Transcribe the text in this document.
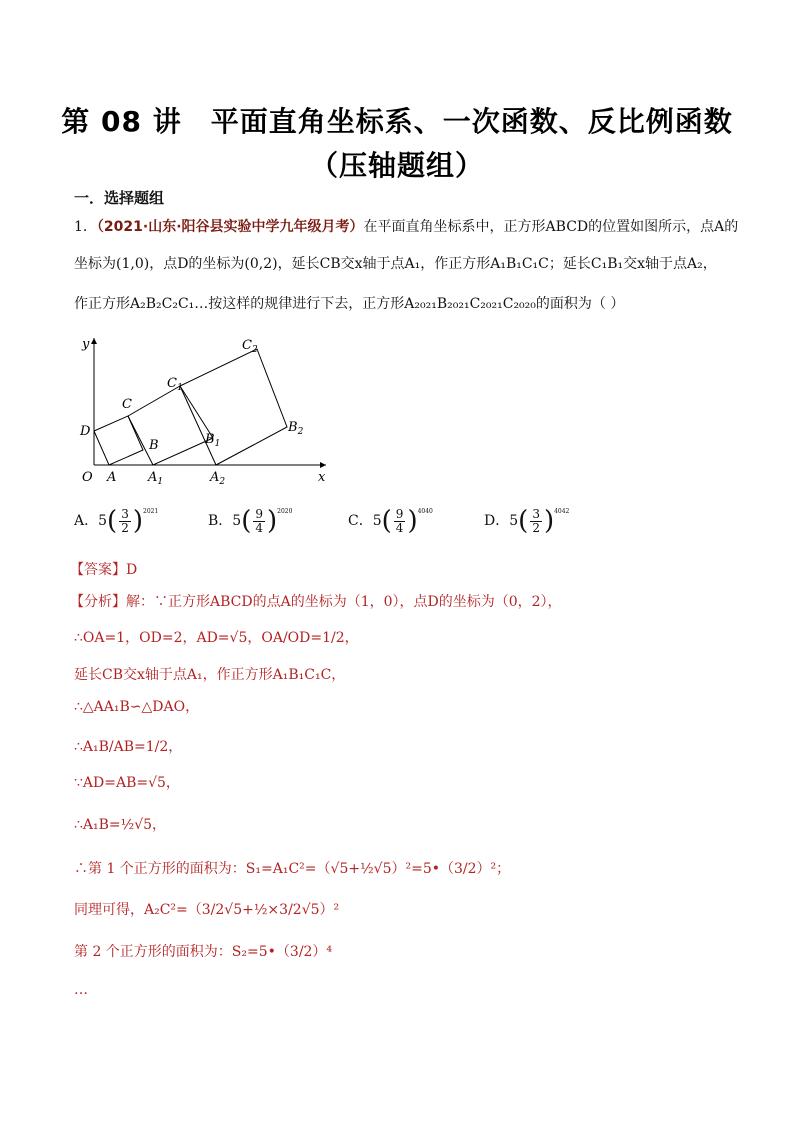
第 08 讲　平面直角坐标系、一次函数、反比例函数
（压轴题组）
一．选择题组
1．（2021·山东·阳谷县实验中学九年级月考）在平面直角坐标系中，正方形ABCD的位置如图所示，点A的
坐标为(1,0)，点D的坐标为(0,2)，延长CB交x轴于点A₁，作正方形A₁B₁C₁C；延长C₁B₁交x轴于点A₂，
作正方形A₂B₂C₂C₁…按这样的规律进行下去，正方形A₂₀₂₁B₂₀₂₁C₂₀₂₁C₂₀₂₀的面积为（ ）
y
x
O A $A_1$	$A_2$
B	$B_1$
$B_2$
C
$C_1$
$C_2$
D
A．$5( \frac{3}{2} )^{2021}$
B．$5( \frac{9}{4} )^{2020}$
C．$5( \frac{9}{4} )^{4040}$
D．$5( \frac{3}{2} )^{4042}$
【答案】D
【分析】解：∵正方形ABCD的点A的坐标为（1，0），点D的坐标为（0，2），
∴OA=1，OD=2，AD=√5，OA/OD=1/2，
延长CB交x轴于点A₁，作正方形A₁B₁C₁C，
∴△AA₁B∽△DAO，
∴A₁B/AB=1/2，
∵AD=AB=√5，
∴A₁B=½√5，
∴第 1 个正方形的面积为：S₁=A₁C²=（√5+½√5）²=5•（3/2）²；
同理可得，A₂C²=（3/2√5+½×3/2√5）²
第 2 个正方形的面积为：S₂=5•（3/2）⁴
…
